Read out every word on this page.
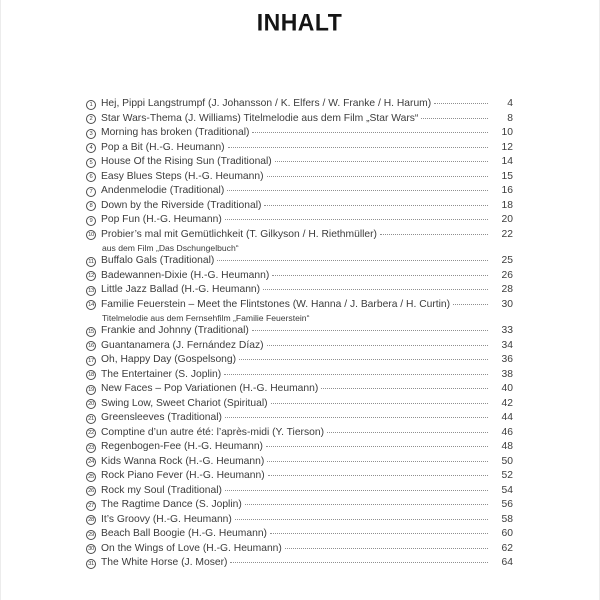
INHALT
1 Hej, Pippi Langstrumpf (J. Johansson / K. Elfers / W. Franke / H. Harum)	4
2 Star Wars-Thema (J. Williams) Titelmelodie aus dem Film „Star Wars“	8
3 Morning has broken (Traditional)	10
4 Pop a Bit (H.-G. Heumann)	12
5 House Of the Rising Sun (Traditional)	14
6 Easy Blues Steps (H.-G. Heumann)	15
7 Andenmelodie (Traditional)	16
8 Down by the Riverside (Traditional)	18
9 Pop Fun (H.-G. Heumann)	20
10 Probier’s mal mit Gemütlichkeit (T. Gilkyson / H. Riethmüller)	22
aus dem Film „Das Dschungelbuch“
11 Buffalo Gals (Traditional)	25
12 Badewannen-Dixie (H.-G. Heumann)	26
13 Little Jazz Ballad (H.-G. Heumann)	28
14 Familie Feuerstein – Meet the Flintstones (W. Hanna / J. Barbera / H. Curtin)	30
Titelmelodie aus dem Fernsehfilm „Familie Feuerstein“
15 Frankie and Johnny (Traditional)	33
16 Guantanamera (J. Fernández Díaz)	34
17 Oh, Happy Day (Gospelsong)	36
18 The Entertainer (S. Joplin)	38
19 New Faces – Pop Variationen (H.-G. Heumann)	40
20 Swing Low, Sweet Chariot (Spiritual)	42
21 Greensleeves (Traditional)	44
22 Comptine d’un autre été: l’après-midi (Y. Tierson)	46
23 Regenbogen-Fee (H.-G. Heumann)	48
24 Kids Wanna Rock (H.-G. Heumann)	50
25 Rock Piano Fever (H.-G. Heumann)	52
26 Rock my Soul (Traditional)	54
27 The Ragtime Dance (S. Joplin)	56
28 It’s Groovy (H.-G. Heumann)	58
29 Beach Ball Boogie (H.-G. Heumann)	60
30 On the Wings of Love (H.-G. Heumann)	62
31 The White Horse (J. Moser)	64
